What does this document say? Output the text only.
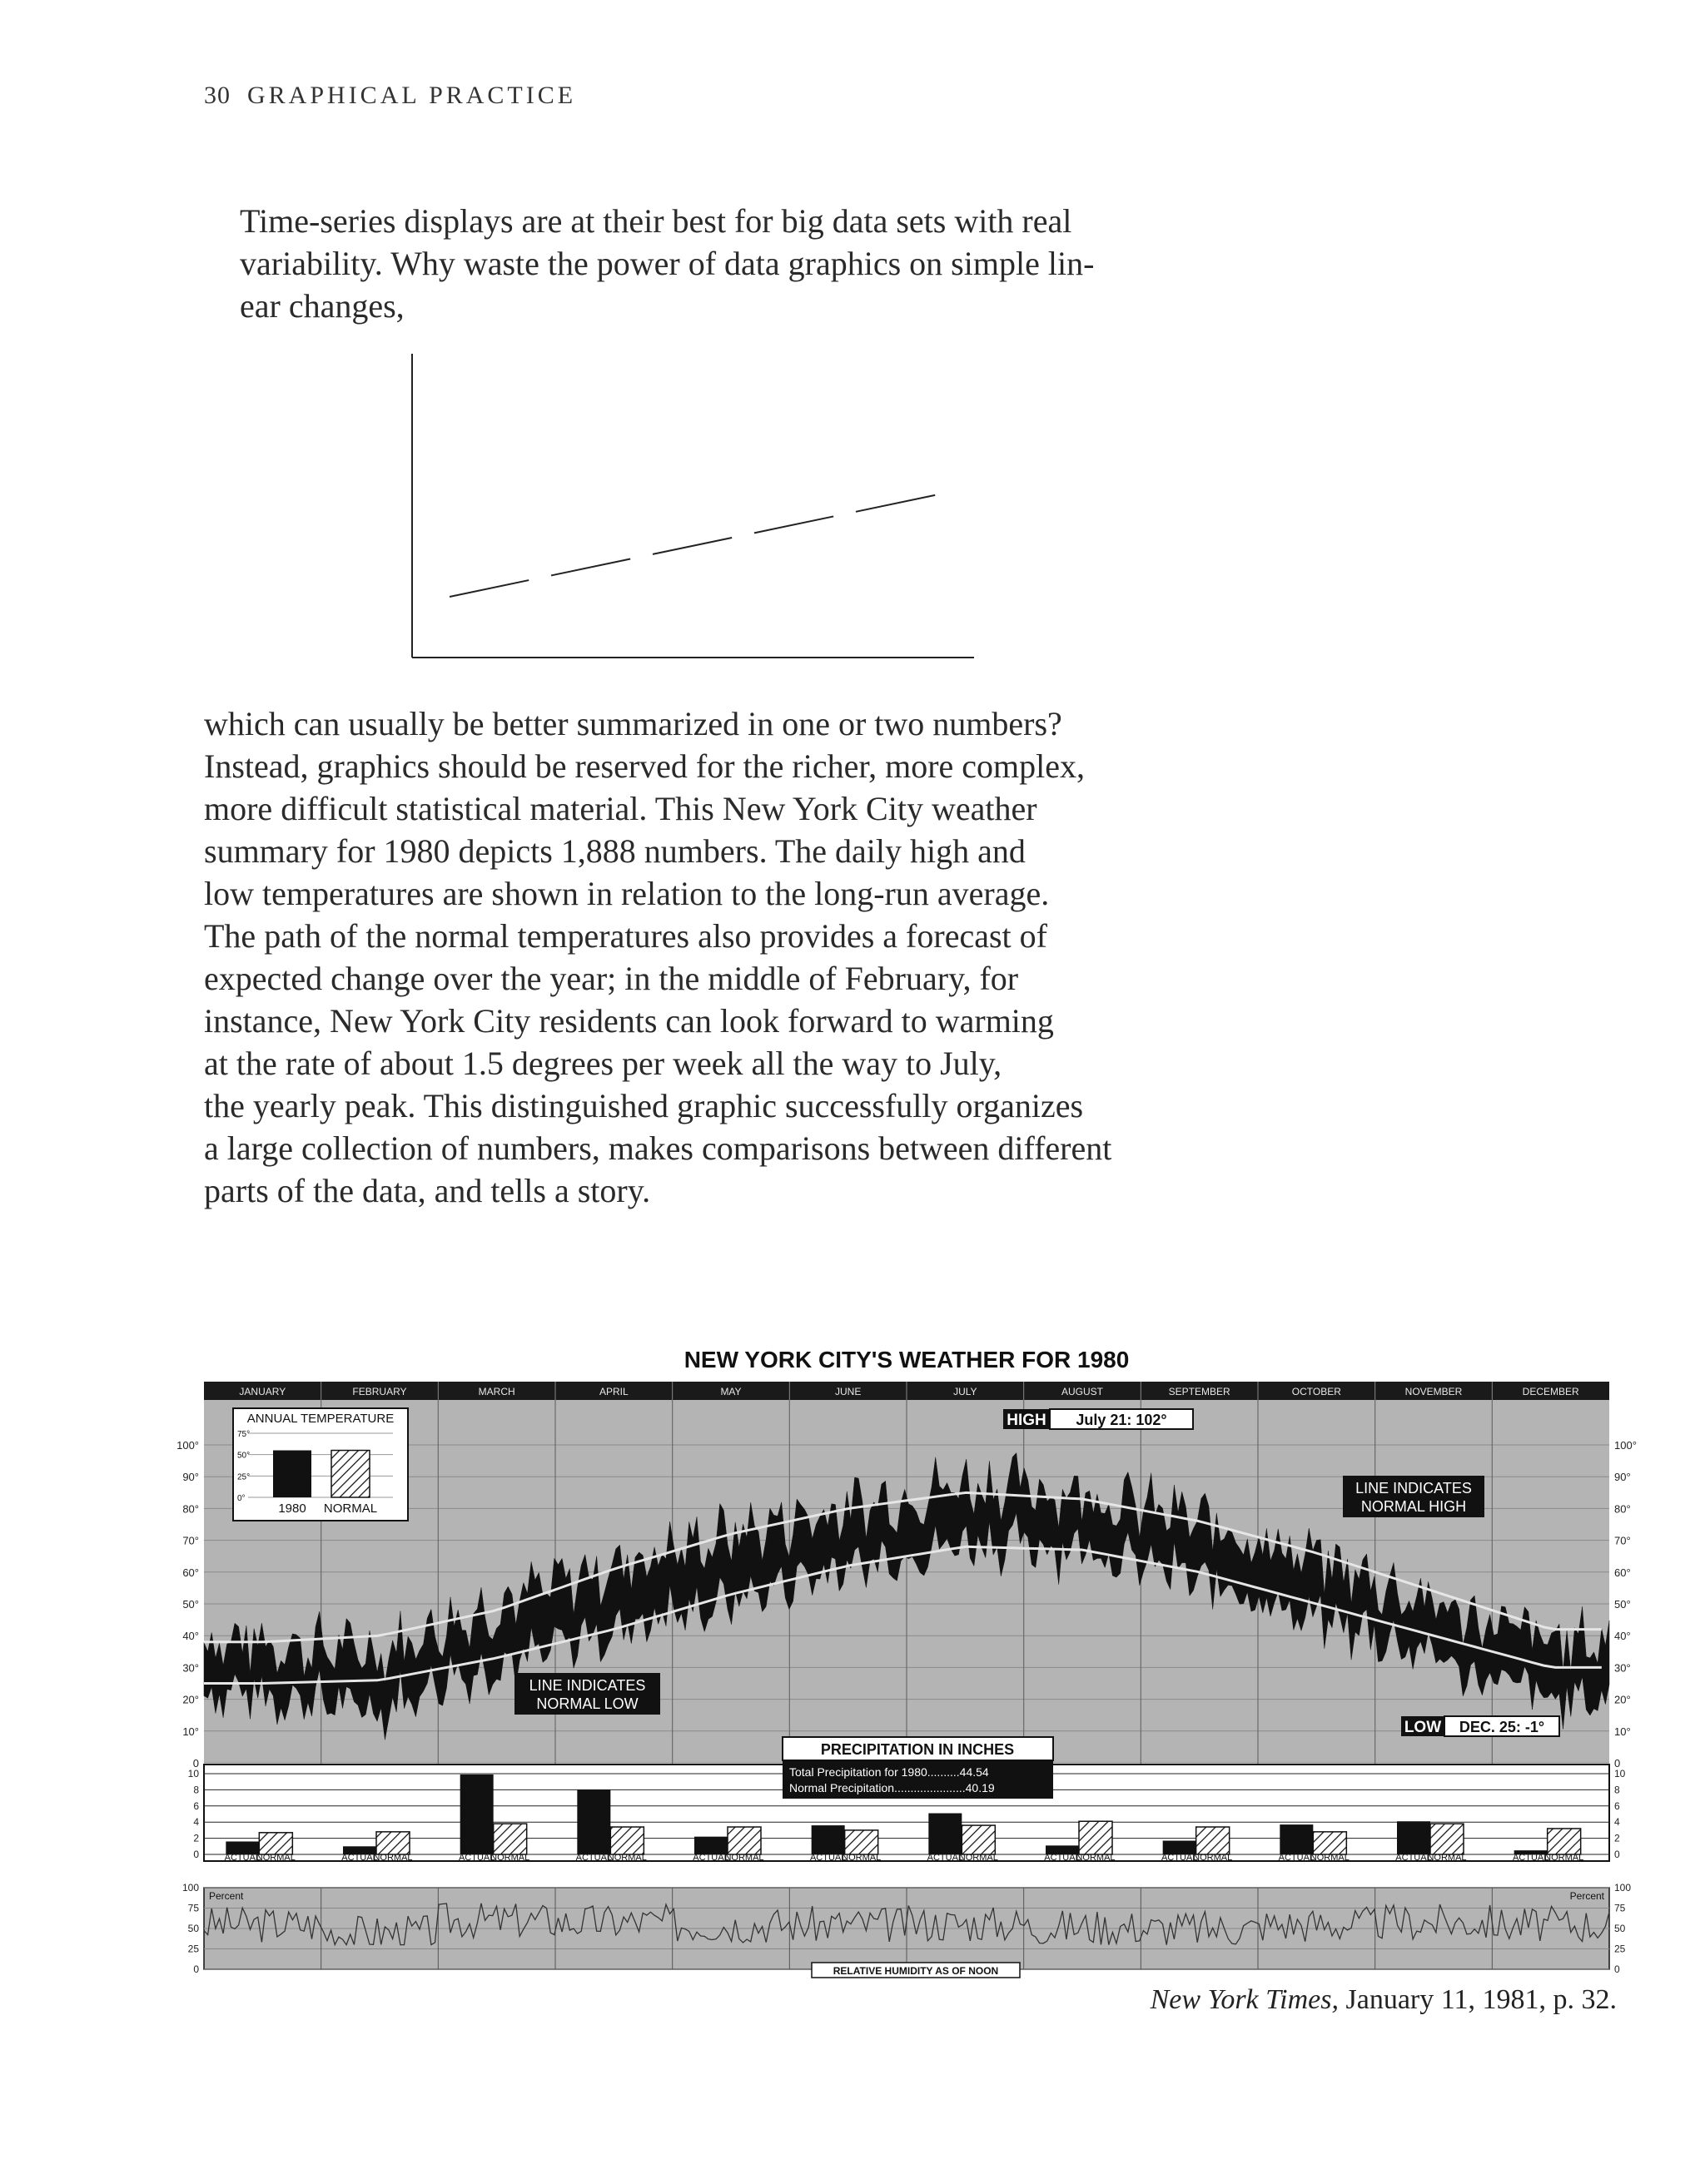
30 GRAPHICAL PRACTICE
Time-series displays are at their best for big data sets with real
variability. Why waste the power of data graphics on simple lin-
ear changes,
which can usually be better summarized in one or two numbers?
Instead, graphics should be reserved for the richer, more complex,
more difficult statistical material. This New York City weather
summary for 1980 depicts 1,888 numbers. The daily high and
low temperatures are shown in relation to the long-run average.
The path of the normal temperatures also provides a forecast of
expected change over the year; in the middle of February, for
instance, New York City residents can look forward to warming
at the rate of about 1.5 degrees per week all the way to July,
the yearly peak. This distinguished graphic successfully organizes
a large collection of numbers, makes comparisons between different
parts of the data, and tells a story.
NEW YORK CITY'S WEATHER FOR 1980
JANUARY	FEBRUARY	MARCH	APRIL	MAY	JUNE	JULY	AUGUST	SEPTEMBER	OCTOBER	NOVEMBER	DECEMBER
100°	100°
90°	90°
80°	80°
70°	70°
60°	60°
50°	50°
40°	40°
30°	30°
20°	20°
10°	10°
0	0
ANNUAL TEMPERATURE
75°
50°
25°
0°
1980 NORMAL
HIGH July 21: 102°
LOW DEC. 25: -1°
LINE INDICATES
NORMAL HIGH
LINE INDICATES
NORMAL LOW
10	10
8	8
6	6
4	4
2	2
0	0
ACTUAL
NORMAL	ACTUAL
NORMAL	ACTUAL
NORMAL	ACTUAL
NORMAL	ACTUAL
NORMAL	ACTUAL
NORMAL	ACTUAL
NORMAL	ACTUAL
NORMAL	ACTUAL
NORMAL	ACTUAL
NORMAL	ACTUAL
NORMAL	ACTUAL
NORMAL
PRECIPITATION IN INCHES
Total Precipitation for 1980..........44.54
Normal Precipitation......................40.19
100	100
75	75
50	50
25	25
0	0
Percent	Percent
RELATIVE HUMIDITY AS OF NOON
New York Times, January 11, 1981, p. 32.
